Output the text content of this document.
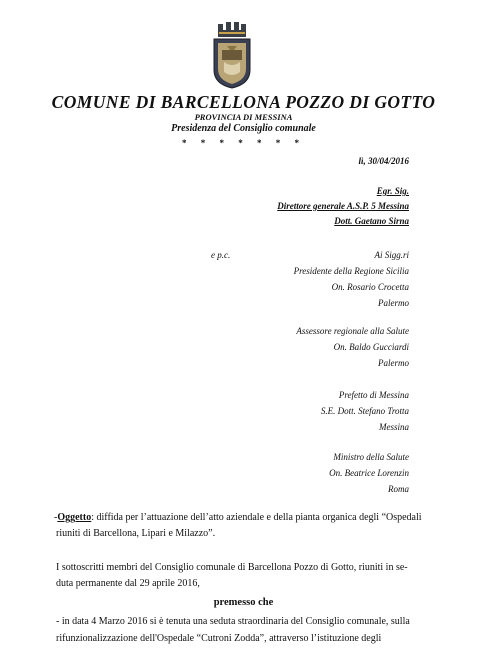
COMUNE DI BARCELLONA POZZO DI GOTTO
PROVINCIA DI MESSINA
Presidenza del Consiglio comunale
* * * * * * *
lì, 30/04/2016
Egr. Sig.
Direttore generale A.S.P. 5 Messina
Dott. Gaetano Sirna
e p.c.	Ai Sigg.ri
Presidente della Regione Sicilia
On. Rosario Crocetta
Palermo
Assessore regionale alla Salute
On. Baldo Gucciardi
Palermo
Prefetto di Messina
S.E. Dott. Stefano Trotta
Messina
Ministro della Salute
On. Beatrice Lorenzin
Roma
-Oggetto: diffida per l’attuazione dell’atto aziendale e della pianta organica degli “Ospedali
riuniti di Barcellona, Lipari e Milazzo”.
I sottoscritti membri del Consiglio comunale di Barcellona Pozzo di Gotto, riuniti in se-
duta permanente dal 29 aprile 2016,
premesso che
- in data 4 Marzo 2016 si è tenuta una seduta straordinaria del Consiglio comunale, sulla
rifunzionalizzazione dell'Ospedale “Cutroni Zodda”, attraverso l’istituzione degli
